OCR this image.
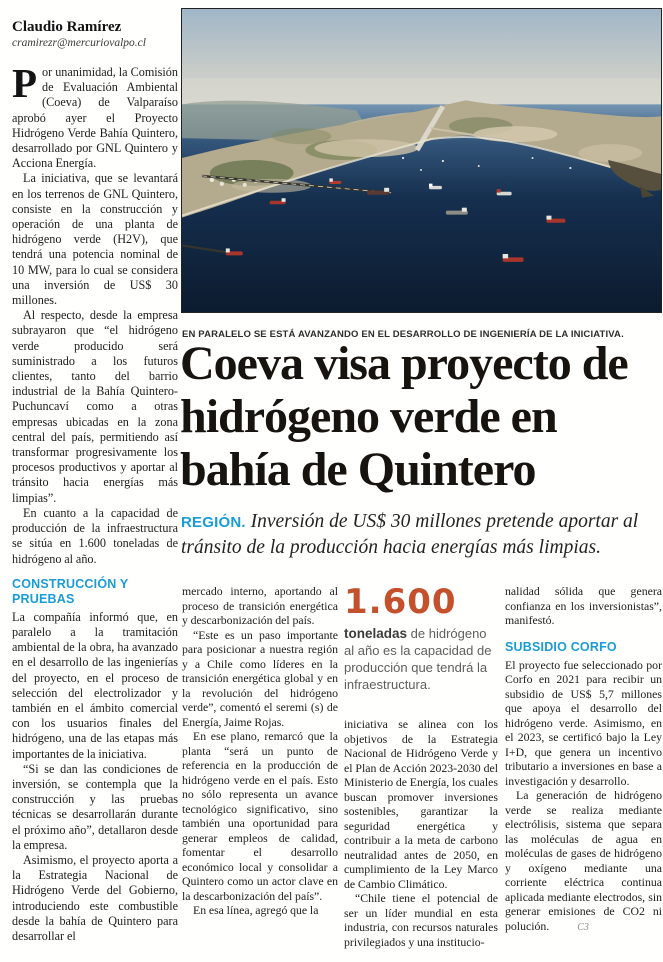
Claudio Ramírez

cramirezr@mercuriovalpo.cl

Por unanimidad, la Comisión de Evaluación Ambiental (Coeva) de Valparaíso aprobó ayer el Proyecto Hidrógeno Verde Bahía Quintero, desarrollado por GNL Quintero y Acciona Energía.

La iniciativa, que se levantará en los terrenos de GNL Quintero, consiste en la construcción y operación de una planta de hidrógeno verde (H2V), que tendrá una potencia nominal de 10 MW, para lo cual se considera una inversión de US$ 30 millones.

Al respecto, desde la empresa subrayaron que “el hidrógeno verde producido será suministrado a los futuros clientes, tanto del barrio industrial de la Bahía Quintero-Puchuncaví como a otras empresas ubicadas en la zona central del país, permitiendo así transformar progresivamente los procesos productivos y aportar al tránsito hacia energías más limpias”.

En cuanto a la capacidad de producción de la infraestructura se sitúa en 1.600 toneladas de hidrógeno al año.

CONSTRUCCIÓN Y PRUEBAS

La compañía informó que, en paralelo a la tramitación ambiental de la obra, ha avanzado en el desarrollo de las ingenierías del proyecto, en el proceso de selección del electrolizador y también en el ámbito comercial con los usuarios finales del hidrógeno, una de las etapas más importantes de la iniciativa.

“Si se dan las condiciones de inversión, se contempla que la construcción y las pruebas técnicas se desarrollarán durante el próximo año”, detallaron desde la empresa.

Asimismo, el proyecto aporta a la Estrategia Nacional de Hidrógeno Verde del Gobierno, introduciendo este combustible desde la bahía de Quintero para desarrollar el

EN PARALELO SE ESTÁ AVANZANDO EN EL DESARROLLO DE INGENIERÍA DE LA INICIATIVA.

Coeva visa proyecto de hidrógeno verde en bahía de Quintero

REGIÓN. Inversión de US$ 30 millones pretende aportar al tránsito de la producción hacia energías más limpias.

mercado interno, aportando al proceso de transición energética y descarbonización del país.

“Este es un paso importante para posicionar a nuestra región y a Chile como líderes en la transición energética global y en la revolución del hidrógeno verde”, comentó el seremi (s) de Energía, Jaime Rojas.

En ese plano, remarcó que la planta “será un punto de referencia en la producción de hidrógeno verde en el país. Esto no sólo representa un avance tecnológico significativo, sino también una oportunidad para generar empleos de calidad, fomentar el desarrollo económico local y consolidar a Quintero como un actor clave en la descarbonización del país”.

En esa línea, agregó que la

1.600

toneladas de hidrógeno al año es la capacidad de producción que tendrá la infraestructura.

iniciativa se alinea con los objetivos de la Estrategia Nacional de Hidrógeno Verde y el Plan de Acción 2023-2030 del Ministerio de Energía, los cuales buscan promover inversiones sostenibles, garantizar la seguridad energética y contribuir a la meta de carbono neutralidad antes de 2050, en cumplimiento de la Ley Marco de Cambio Climático.

“Chile tiene el potencial de ser un líder mundial en esta industria, con recursos naturales privilegiados y una institucio-

nalidad sólida que genera confianza en los inversionistas”, manifestó.

SUBSIDIO CORFO

El proyecto fue seleccionado por Corfo en 2021 para recibir un subsidio de US$ 5,7 millones que apoya el desarrollo del hidrógeno verde. Asimismo, en el 2023, se certificó bajo la Ley I+D, que genera un incentivo tributario a inversiones en base a investigación y desarrollo.

La generación de hidrógeno verde se realiza mediante electrólisis, sistema que separa las moléculas de agua en moléculas de gases de hidrógeno y oxígeno mediante una corriente eléctrica continua aplicada mediante electrodos, sin generar emisiones de CO2 ni polución.	C3
